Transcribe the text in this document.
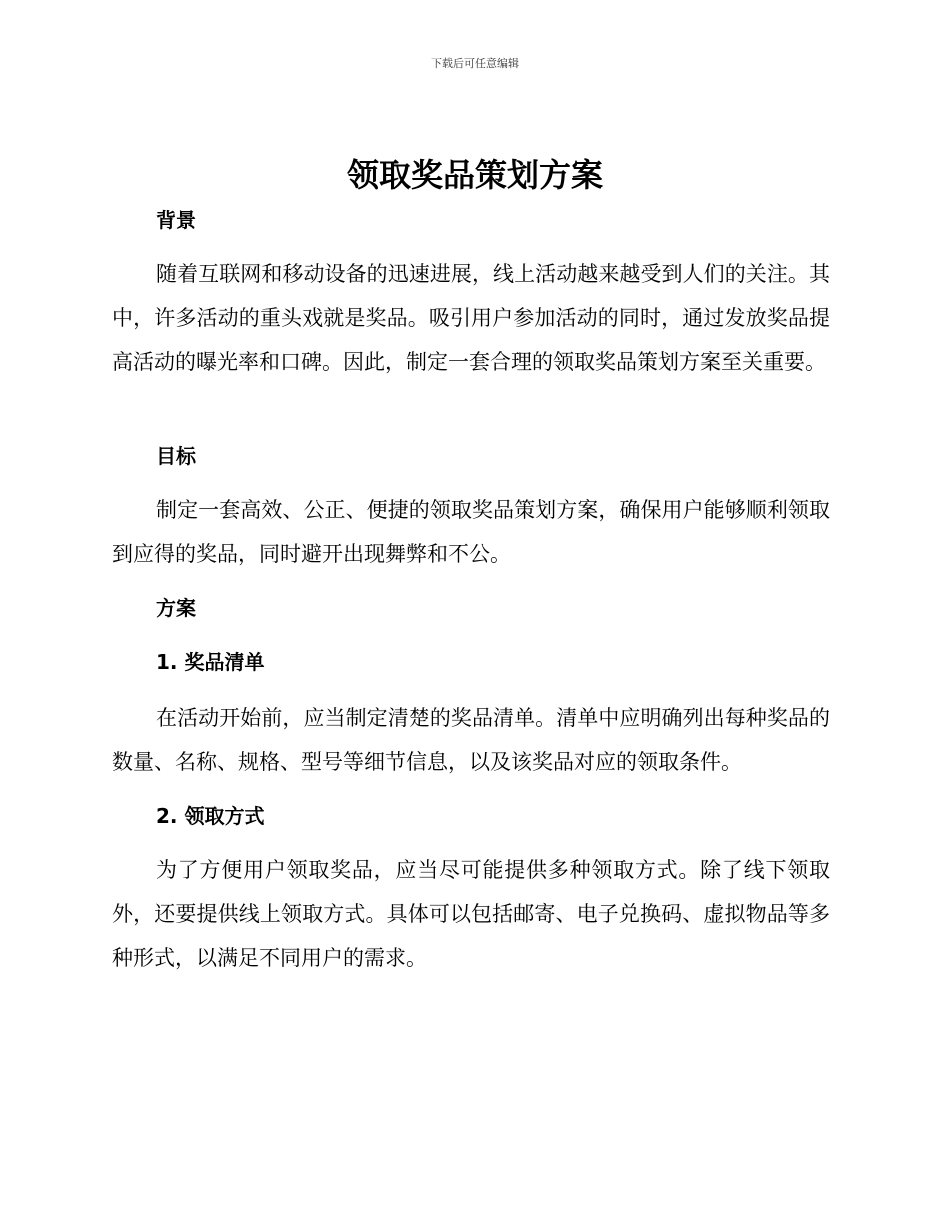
下载后可任意编辑
领取奖品策划方案
背景

随着互联网和移动设备的迅速进展，线上活动越来越受到人们的关注。其中，许多活动的重头戏就是奖品。吸引用户参加活动的同时，通过发放奖品提高活动的曝光率和口碑。因此，制定一套合理的领取奖品策划方案至关重要。

目标

制定一套高效、公正、便捷的领取奖品策划方案，确保用户能够顺利领取到应得的奖品，同时避开出现舞弊和不公。

方案
1. 奖品清单

在活动开始前，应当制定清楚的奖品清单。清单中应明确列出每种奖品的数量、名称、规格、型号等细节信息，以及该奖品对应的领取条件。

2. 领取方式

为了方便用户领取奖品，应当尽可能提供多种领取方式。除了线下领取外，还要提供线上领取方式。具体可以包括邮寄、电子兑换码、虚拟物品等多种形式，以满足不同用户的需求。
